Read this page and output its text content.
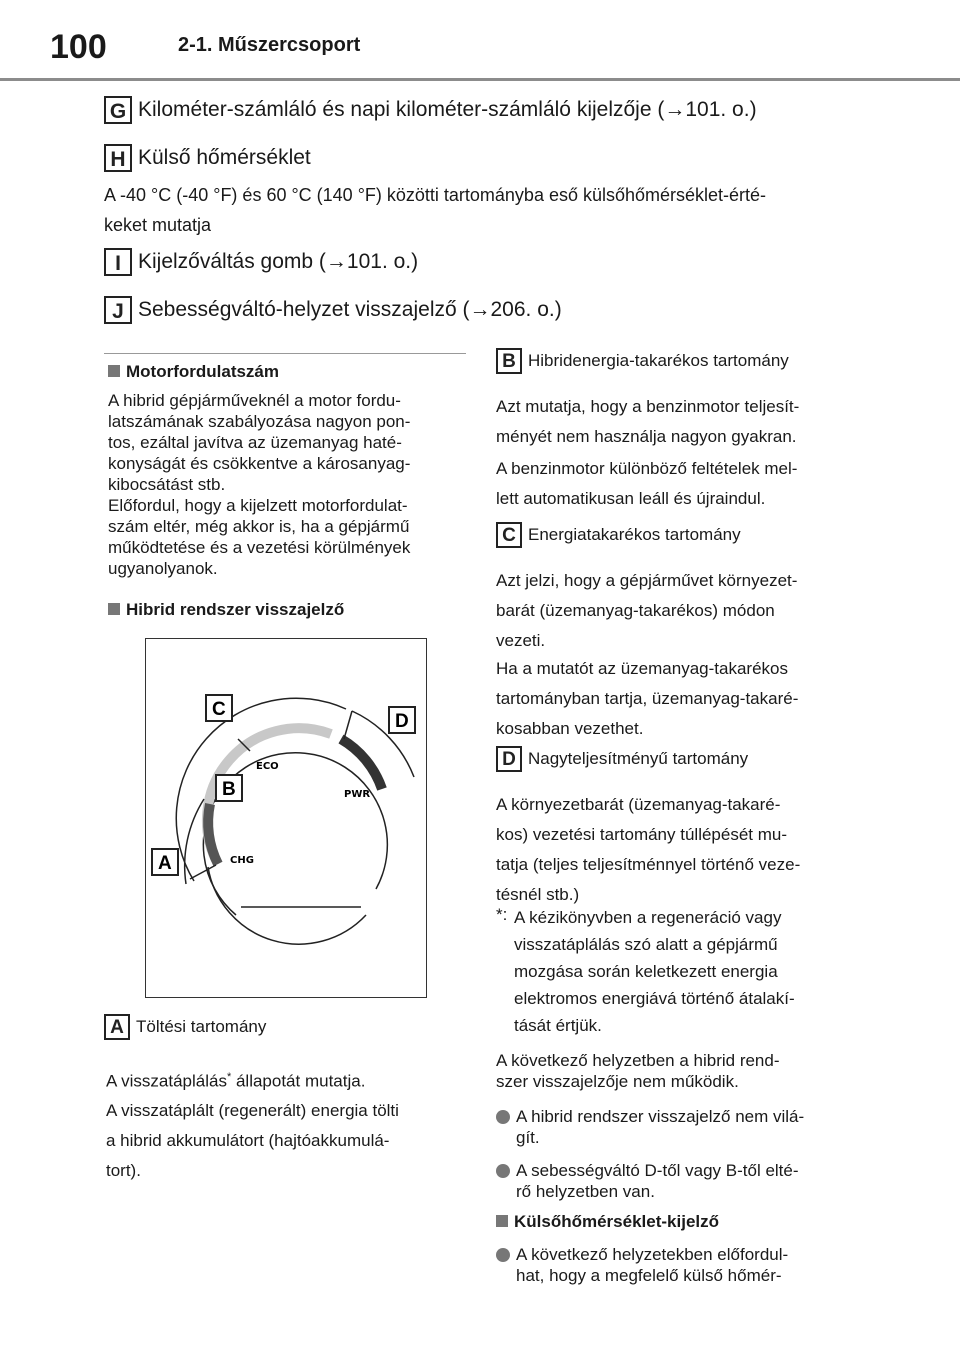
100	2-1. Műszercsoport
G Kilométer-számláló és napi kilométer-számláló kijelzője (→101. o.)
H Külső hőmérséklet
A -40 °C (-40 °F) és 60 °C (140 °F) közötti tartományba eső külsőhőmérséklet-érté-
keket mutatja
I Kijelzőváltás gomb (→101. o.)
J Sebességváltó-helyzet visszajelző (→206. o.)
Motorfordulatszám
A hibrid gépjárműveknél a motor fordu-
latszámának szabályozása nagyon pon-
tos, ezáltal javítva az üzemanyag haté-
konyságát és csökkentve a károsanyag-
kibocsátást stb.
Előfordul, hogy a kijelzett motorfordulat-
szám eltér, még akkor is, ha a gépjármű
működtetése és a vezetési körülmények
ugyanolyanok.
Hibrid rendszer visszajelző
ECO
PWR
CHG
C
D
B
A
A Töltési tartomány
A visszatáplálás* állapotát mutatja.
A visszatáplált (regenerált) energia tölti
a hibrid akkumulátort (hajtóakkumulá-
tort).
B Hibridenergia-takarékos tartomány
Azt mutatja, hogy a benzinmotor teljesít-
ményét nem használja nagyon gyakran.
A benzinmotor különböző feltételek mel-
lett automatikusan leáll és újraindul.
C Energiatakarékos tartomány
Azt jelzi, hogy a gépjárművet környezet-
barát (üzemanyag-takarékos) módon
vezeti.
Ha a mutatót az üzemanyag-takarékos
tartományban tartja, üzemanyag-takaré-
kosabban vezethet.
D Nagyteljesítményű tartomány
A környezetbarát (üzemanyag-takaré-
kos) vezetési tartomány túllépését mu-
tatja (teljes teljesítménnyel történő veze-
tésnél stb.)
*: A kézikönyvben a regeneráció vagy
visszatáplálás szó alatt a gépjármű
mozgása során keletkezett energia
elektromos energiává történő átalakí-
tását értjük.
A következő helyzetben a hibrid rend-
szer visszajelzője nem működik.
A hibrid rendszer visszajelző nem vilá-
gít.
A sebességváltó D-től vagy B-től elté-
rő helyzetben van.
Külsőhőmérséklet-kijelző
A következő helyzetekben előfordul-
hat, hogy a megfelelő külső hőmér-
